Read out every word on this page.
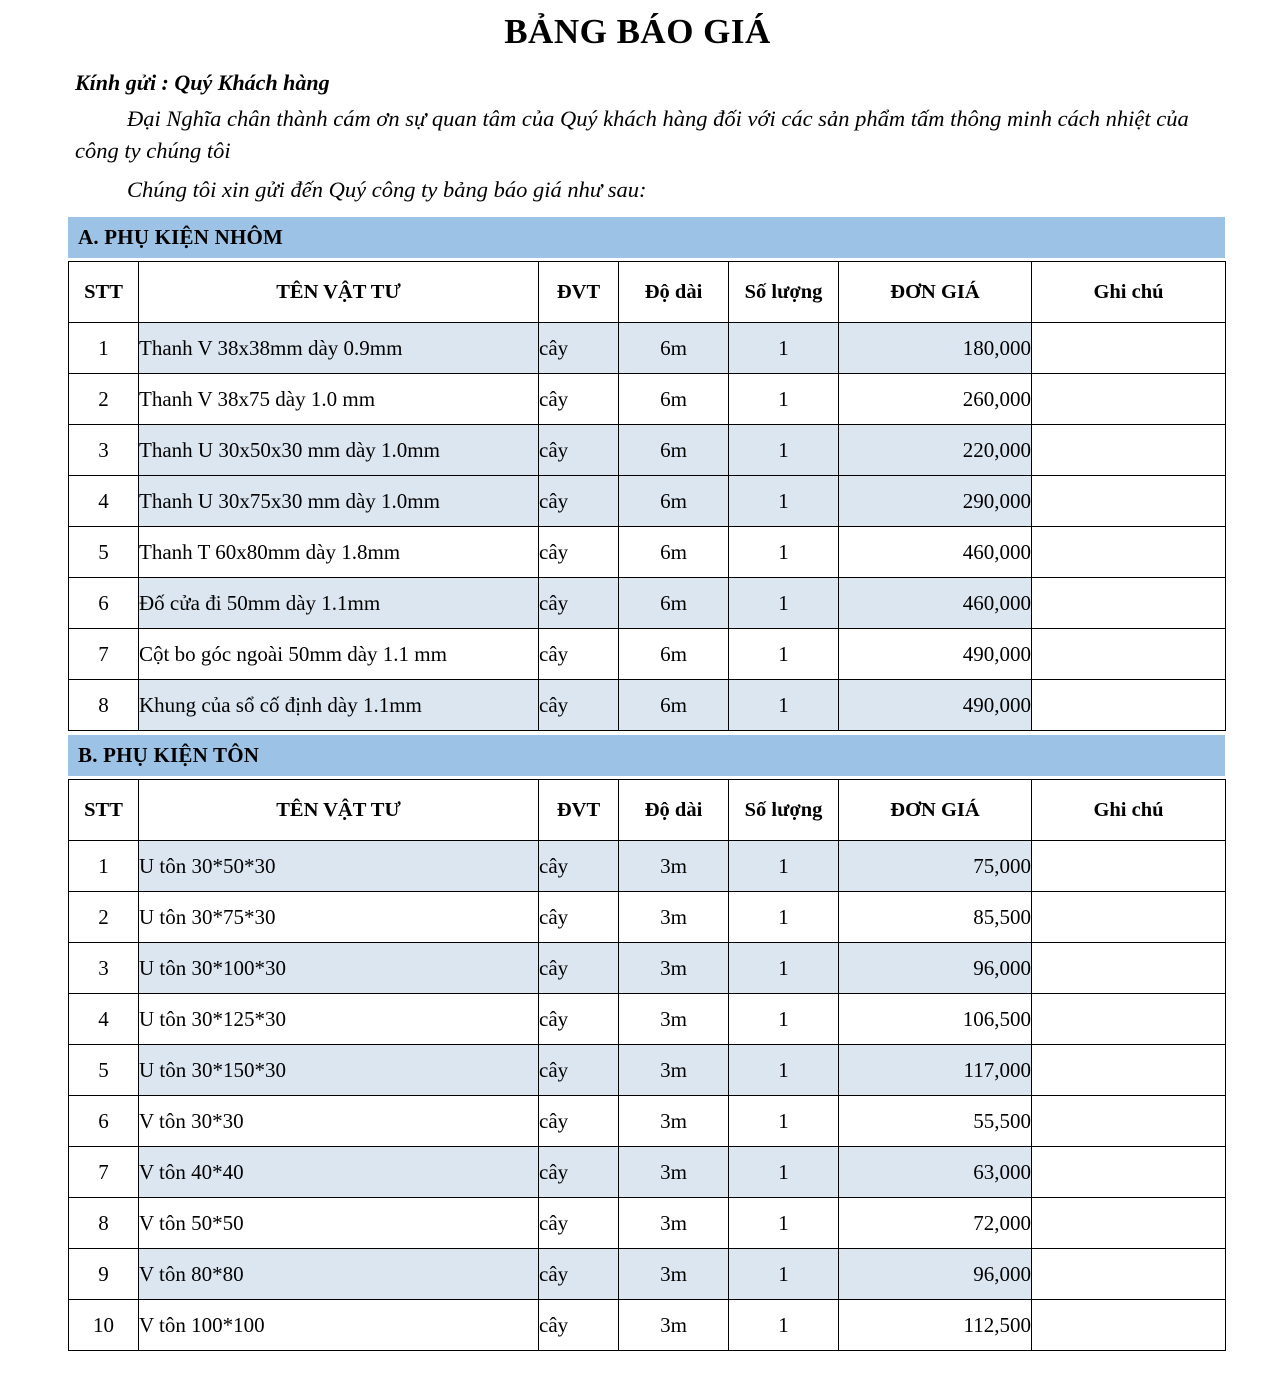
BẢNG BÁO GIÁ
Kính gửi : Quý Khách hàng
Đại Nghĩa chân thành cám ơn sự quan tâm của Quý khách hàng đối với các sản phẩm tấm thông minh cách nhiệt của công ty chúng tôi
Chúng tôi xin gửi đến Quý công ty bảng báo giá như sau:
A. PHỤ KIỆN NHÔM
STT	TÊN VẬT TƯ	ĐVT	Độ dài	Số lượng	ĐƠN GIÁ	Ghi chú
1	Thanh V 38x38mm dày 0.9mm	cây	6m	1	180,000	
2	Thanh V 38x75 dày 1.0 mm	cây	6m	1	260,000	
3	Thanh U 30x50x30 mm dày 1.0mm	cây	6m	1	220,000	
4	Thanh U 30x75x30 mm dày 1.0mm	cây	6m	1	290,000	
5	Thanh T 60x80mm dày 1.8mm	cây	6m	1	460,000	
6	Đố cửa đi 50mm dày 1.1mm	cây	6m	1	460,000	
7	Cột bo góc ngoài 50mm dày 1.1 mm	cây	6m	1	490,000	
8	Khung của sổ cố định dày 1.1mm	cây	6m	1	490,000	
B. PHỤ KIỆN TÔN
STT	TÊN VẬT TƯ	ĐVT	Độ dài	Số lượng	ĐƠN GIÁ	Ghi chú
1	U tôn 30*50*30	cây	3m	1	75,000	
2	U tôn 30*75*30	cây	3m	1	85,500	
3	U tôn 30*100*30	cây	3m	1	96,000	
4	U tôn 30*125*30	cây	3m	1	106,500	
5	U tôn 30*150*30	cây	3m	1	117,000	
6	V tôn 30*30	cây	3m	1	55,500	
7	V tôn 40*40	cây	3m	1	63,000	
8	V tôn 50*50	cây	3m	1	72,000	
9	V tôn 80*80	cây	3m	1	96,000	
10	V tôn 100*100	cây	3m	1	112,500	
